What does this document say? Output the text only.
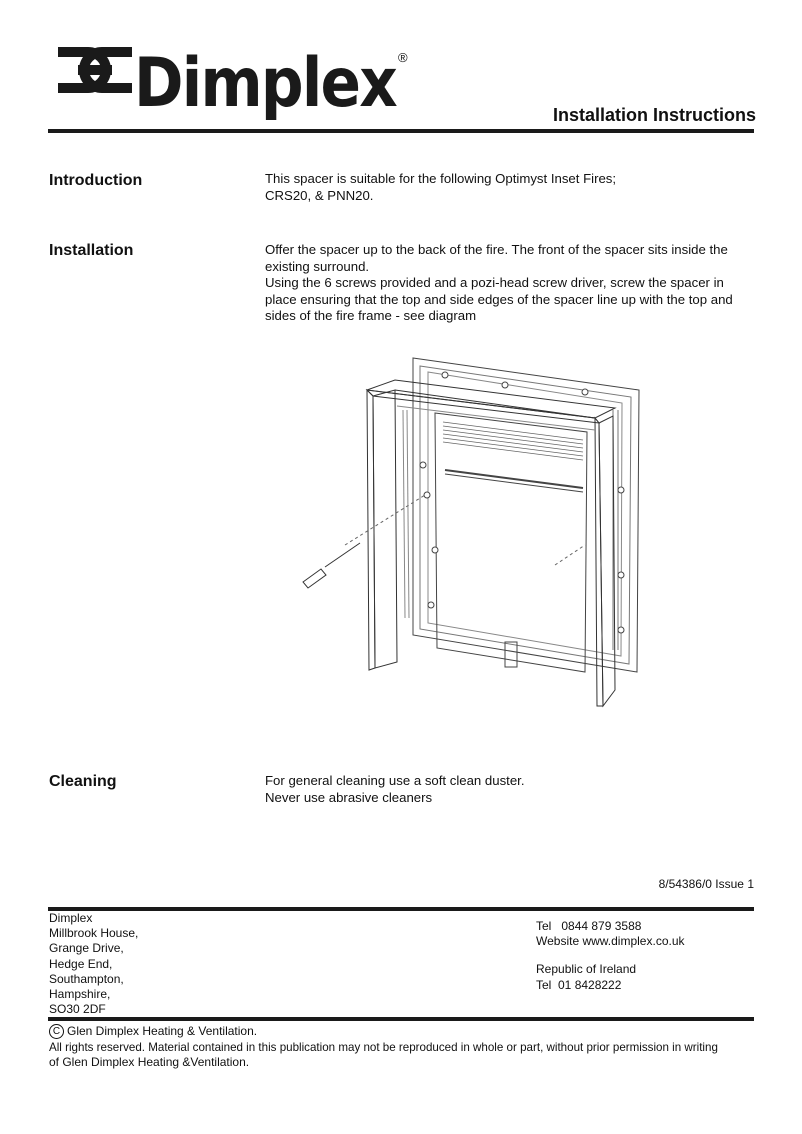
Dimplex ®
Installation Instructions
Introduction	This spacer is suitable for the following Optimyst Inset Fires;
CRS20, & PNN20.
Installation	Offer the spacer up to the back of the fire. The front of the spacer sits inside the
existing surround.
Using the 6 screws provided and a pozi-head screw driver, screw the spacer in
place ensuring that the top and side edges of the spacer line up with the top and
sides of the fire frame - see diagram
Cleaning	For general cleaning use a soft clean duster.
Never use abrasive cleaners
8/54386/0 Issue 1
Dimplex
Millbrook House,
Grange Drive,
Hedge End,
Southampton,
Hampshire,
SO30 2DF
Tel   0844 879 3588
Website www.dimplex.co.uk
Republic of Ireland
Tel  01 8428222
C Glen Dimplex Heating & Ventilation.
All rights reserved. Material contained in this publication may not be reproduced in whole or part, without prior permission in writing
of Glen Dimplex Heating &Ventilation.
